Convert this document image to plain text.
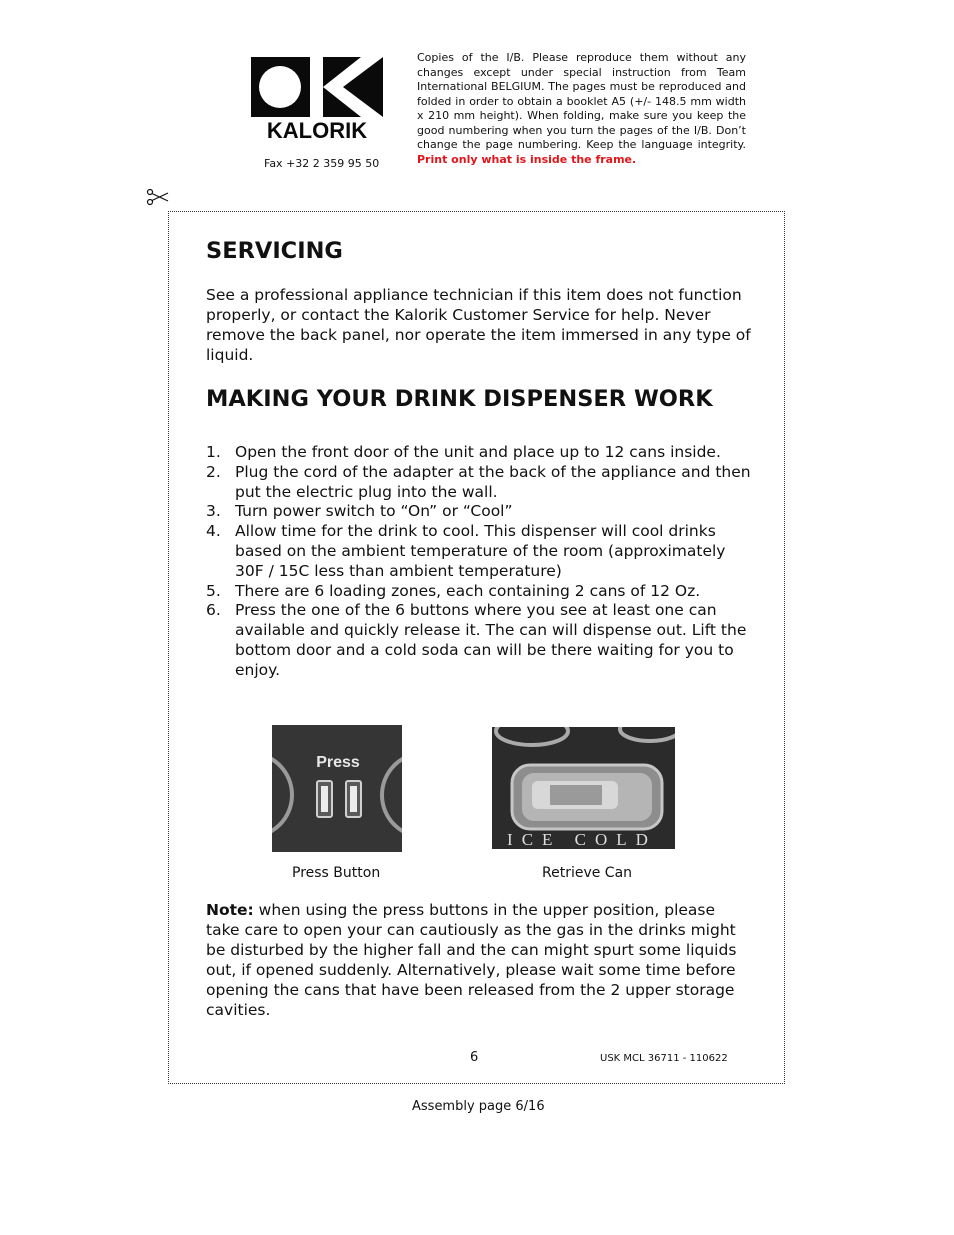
KALORIK
Fax +32 2 359 95 50
Copies of the I/B. Please reproduce them without any changes except under special instruction from Team International BELGIUM. The pages must be reproduced and folded in order to obtain a booklet A5 (+/- 148.5 mm width x 210 mm height). When folding, make sure you keep the good numbering when you turn the pages of the I/B. Don’t change the page numbering. Keep the language integrity. Print only what is inside the frame.
SERVICING
See a professional appliance technician if this item does not function properly, or contact the Kalorik Customer Service for help. Never remove the back panel, nor operate the item immersed in any type of liquid.
MAKING YOUR DRINK DISPENSER WORK
1. Open the front door of the unit and place up to 12 cans inside.
2. Plug the cord of the adapter at the back of the appliance and then put the electric plug into the wall.
3. Turn power switch to “On” or “Cool”
4. Allow time for the drink to cool. This dispenser will cool drinks based on the ambient temperature of the room (approximately 30F / 15C less than ambient temperature)
5. There are 6 loading zones, each containing 2 cans of 12 Oz.
6. Press the one of the 6 buttons where you see at least one can available and quickly release it. The can will dispense out. Lift the bottom door and a cold soda can will be there waiting for you to enjoy.
Press
Press Button
ICE COLD
Retrieve Can
Note: when using the press buttons in the upper position, please take care to open your can cautiously as the gas in the drinks might be disturbed by the higher fall and the can might spurt some liquids out, if opened suddenly. Alternatively, please wait some time before opening the cans that have been released from the 2 upper storage cavities.
6	USK MCL 36711 - 110622
Assembly page 6/16
